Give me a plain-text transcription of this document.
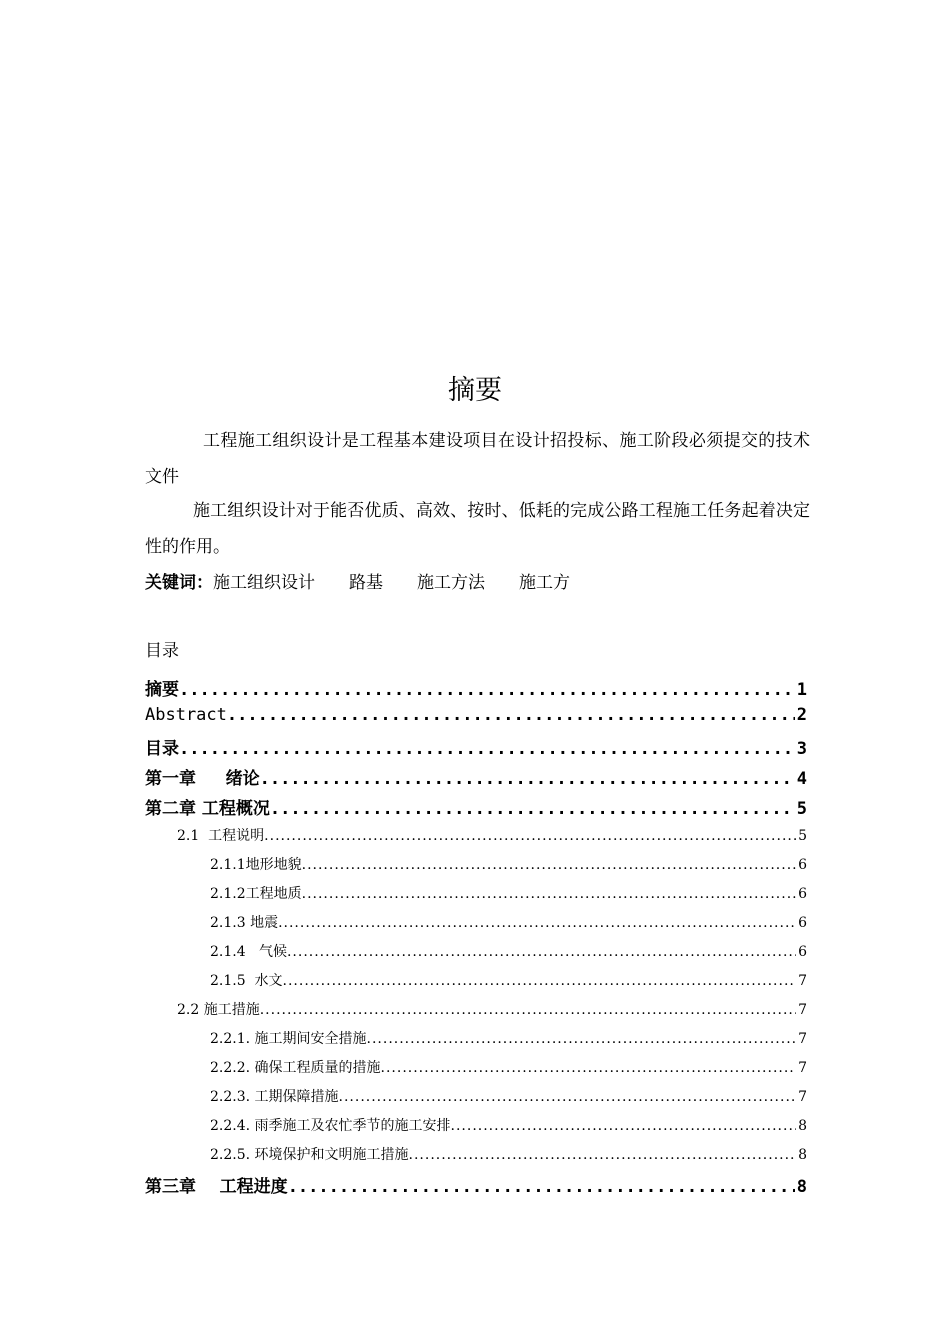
摘要

工程施工组织设计是工程基本建设项目在设计招投标、施工阶段必须提交的技术文件

施工组织设计对于能否优质、高效、按时、低耗的完成公路工程施工任务起着决定性的作用。

关键词：施工组织设计 路基 施工方法 施工方
目录
摘要 .....	1
Abstract .....	2
目录 .....	3
第一章     绪论 .....	4
第二章 工程概况 .....	5
2.1  工程说明 .....	5
2.1.1地形地貌 .....	6
2.1.2工程地质 .....	6
2.1.3 地震 .....	6
2.1.4   气候 .....	6
2.1.5  水文 .....	7
2.2 施工措施 .....	7
2.2.1. 施工期间安全措施 .....	7
2.2.2. 确保工程质量的措施 .....	7
2.2.3. 工期保障措施 .....	7
2.2.4. 雨季施工及农忙季节的施工安排 .....	8
2.2.5. 环境保护和文明施工措施 .....	8
第三章    工程进度 .....	8
